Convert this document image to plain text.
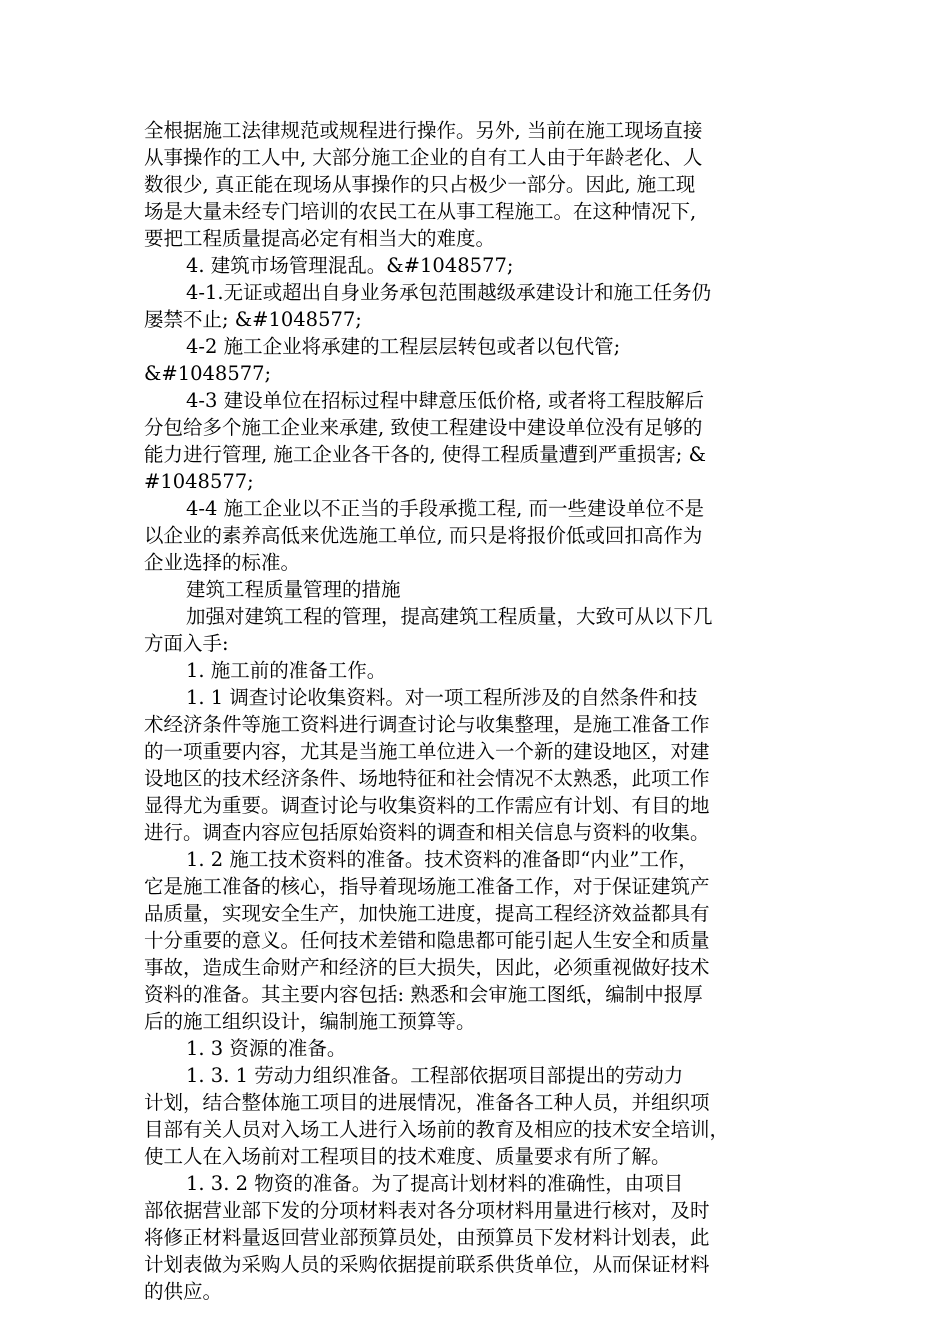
全根据施工法律规范或规程进行操作。另外, 当前在施工现场直接
从事操作的工人中, 大部分施工企业的自有工人由于年龄老化、人
数很少, 真正能在现场从事操作的只占极少一部分。因此, 施工现
场是大量未经专门培训的农民工在从事工程施工。在这种情况下,
要把工程质量提高必定有相当大的难度。
4. 建筑市场管理混乱。&#1048577;
4-1.无证或超出自身业务承包范围越级承建设计和施工任务仍
屡禁不止; &#1048577;
4-2 施工企业将承建的工程层层转包或者以包代管;
&#1048577;
4-3 建设单位在招标过程中肆意压低价格, 或者将工程肢解后
分包给多个施工企业来承建, 致使工程建设中建设单位没有足够的
能力进行管理, 施工企业各干各的, 使得工程质量遭到严重损害; &
#1048577;
4-4 施工企业以不正当的手段承揽工程, 而一些建设单位不是
以企业的素养高低来优选施工单位, 而只是将报价低或回扣高作为
企业选择的标准。
建筑工程质量管理的措施
加强对建筑工程的管理，提高建筑工程质量，大致可从以下几
方面入手:
1. 施工前的准备工作。
1. 1 调查讨论收集资料。对一项工程所涉及的自然条件和技
术经济条件等施工资料进行调查讨论与收集整理，是施工准备工作
的一项重要内容，尤其是当施工单位进入一个新的建设地区，对建
设地区的技术经济条件、场地特征和社会情况不太熟悉，此项工作
显得尤为重要。调查讨论与收集资料的工作需应有计划、有目的地
进行。调查内容应包括原始资料的调查和相关信息与资料的收集。
1. 2 施工技术资料的准备。技术资料的准备即“内业”工作，
它是施工准备的核心，指导着现场施工准备工作，对于保证建筑产
品质量，实现安全生产，加快施工进度，提高工程经济效益都具有
十分重要的意义。任何技术差错和隐患都可能引起人生安全和质量
事故，造成生命财产和经济的巨大损失，因此，必须重视做好技术
资料的准备。其主要内容包括: 熟悉和会审施工图纸，编制中报厚
后的施工组织设计，编制施工预算等。
1. 3 资源的准备。
1. 3. 1 劳动力组织准备。工程部依据项目部提出的劳动力
计划，结合整体施工项目的进展情况，准备各工种人员，并组织项
目部有关人员对入场工人进行入场前的教育及相应的技术安全培训，
使工人在入场前对工程项目的技术难度、质量要求有所了解。
1. 3. 2 物资的准备。为了提高计划材料的准确性，由项目
部依据营业部下发的分项材料表对各分项材料用量进行核对，及时
将修正材料量返回营业部预算员处，由预算员下发材料计划表，此
计划表做为采购人员的采购依据提前联系供货单位，从而保证材料
的供应。
